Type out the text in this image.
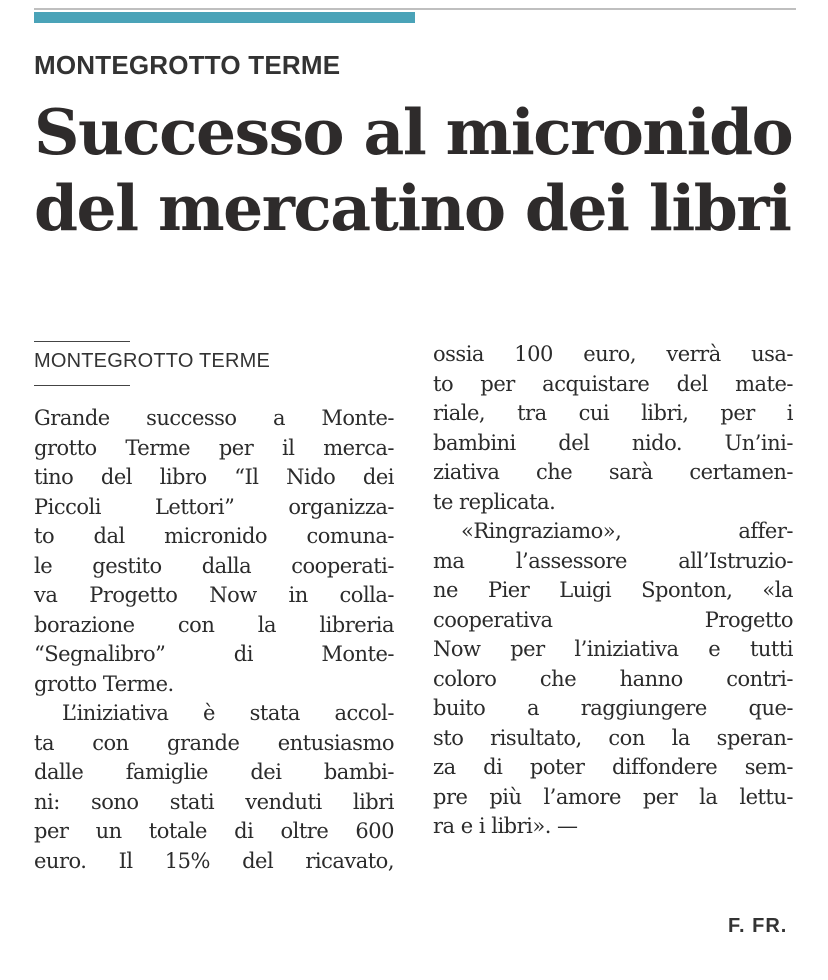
MONTEGROTTO TERME
Successo al micronido
del mercatino dei libri
MONTEGROTTO TERME
Grande successo a Monte-
grotto Terme per il merca-
tino del libro “Il Nido dei
Piccoli Lettori” organizza-
to dal micronido comuna-
le gestito dalla cooperati-
va Progetto Now in colla-
borazione con la libreria
“Segnalibro” di Monte-
grotto Terme.
L’iniziativa è stata accol-
ta con grande entusiasmo
dalle famiglie dei bambi-
ni: sono stati venduti libri
per un totale di oltre 600
euro. Il 15% del ricavato,
ossia 100 euro, verrà usa-
to per acquistare del mate-
riale, tra cui libri, per i
bambini del nido. Un’ini-
ziativa che sarà certamen-
te replicata.
«Ringraziamo», affer-
ma l’assessore all’Istruzio-
ne Pier Luigi Sponton, «la
cooperativa Progetto
Now per l’iniziativa e tutti
coloro che hanno contri-
buito a raggiungere que-
sto risultato, con la speran-
za di poter diffondere sem-
pre più l’amore per la lettu-
ra e i libri». —
F. FR.
